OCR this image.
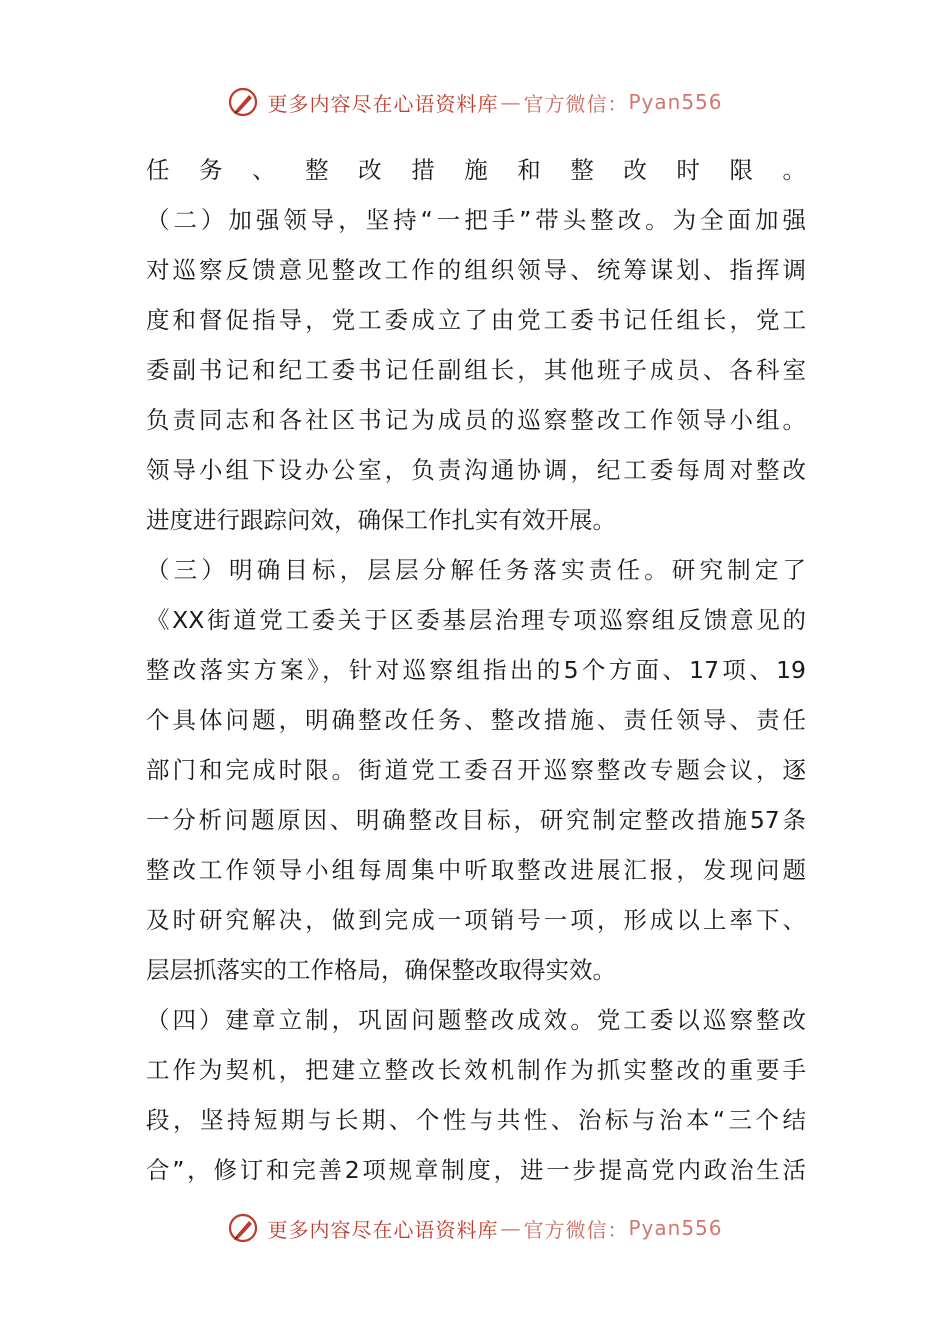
更多内容尽在心语资料库 — 官方微信： Pyan556
任务、整改措施和整改时限。
（二）加强领导，坚持“一把手”带头整改。为全面加强
对巡察反馈意见整改工作的组织领导、统筹谋划、指挥调
度和督促指导，党工委成立了由党工委书记任组长，党工
委副书记和纪工委书记任副组长，其他班子成员、各科室
负责同志和各社区书记为成员的巡察整改工作领导小组。
领导小组下设办公室，负责沟通协调，纪工委每周对整改
进度进行跟踪问效，确保工作扎实有效开展。
（三）明确目标，层层分解任务落实责任。研究制定了
《XX街道党工委关于区委基层治理专项巡察组反馈意见的
整改落实方案》，针对巡察组指出的5个方面、17项、19
个具体问题，明确整改任务、整改措施、责任领导、责任
部门和完成时限。街道党工委召开巡察整改专题会议，逐
一分析问题原因、明确整改目标，研究制定整改措施57条
整改工作领导小组每周集中听取整改进展汇报，发现问题
及时研究解决，做到完成一项销号一项，形成以上率下、
层层抓落实的工作格局，确保整改取得实效。
（四）建章立制，巩固问题整改成效。党工委以巡察整改
工作为契机，把建立整改长效机制作为抓实整改的重要手
段，坚持短期与长期、个性与共性、治标与治本“三个结
合”，修订和完善2项规章制度，进一步提高党内政治生活
更多内容尽在心语资料库 — 官方微信： Pyan556
